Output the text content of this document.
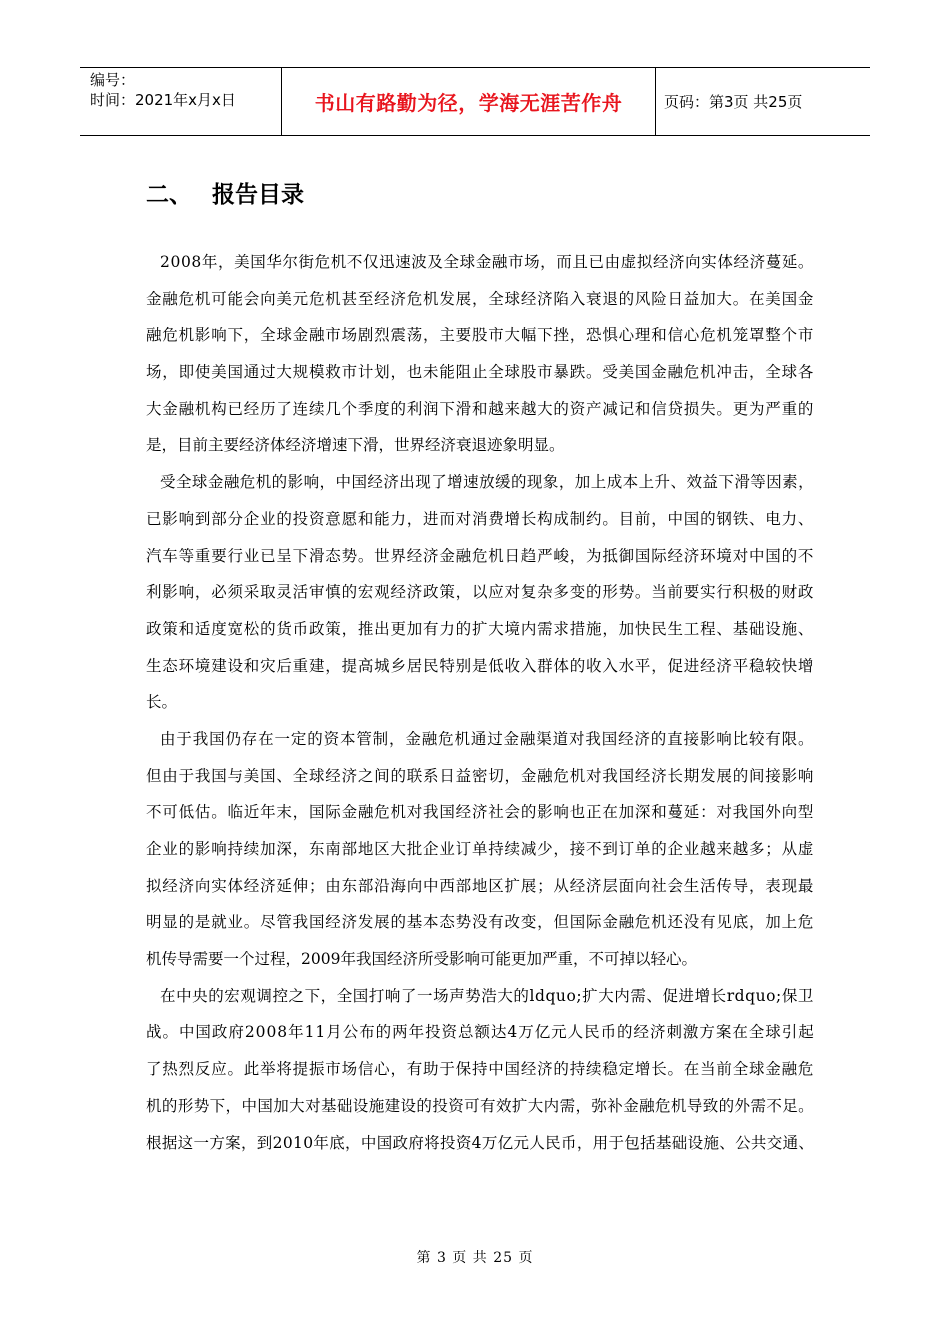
编号：
时间：2021年x月x日	书山有路勤为径，学海无涯苦作舟	页码：第3页 共25页
二、 报告目录
2 0 0 8 年 ， 美 国 华 尔 街 危 机 不 仅 迅 速 波 及 全 球 金 融 市 场 ， 而 且 已 由 虚 拟 经 济 向 实 体 经 济 蔓 延 。
金 融 危 机 可 能 会 向 美 元 危 机 甚 至 经 济 危 机 发 展 ， 全 球 经 济 陷 入 衰 退 的 风 险 日 益 加 大 。 在 美 国 金
融 危 机 影 响 下 ， 全 球 金 融 市 场 剧 烈 震 荡 ， 主 要 股 市 大 幅 下 挫 ， 恐 惧 心 理 和 信 心 危 机 笼 罩 整 个 市
场 ， 即 使 美 国 通 过 大 规 模 救 市 计 划 ， 也 未 能 阻 止 全 球 股 市 暴 跌 。 受 美 国 金 融 危 机 冲 击 ， 全 球 各
大 金 融 机 构 已 经 历 了 连 续 几 个 季 度 的 利 润 下 滑 和 越 来 越 大 的 资 产 减 记 和 信 贷 损 失 。 更 为 严 重 的
是，目前主要经济体经济增速下滑，世界经济衰退迹象明显。
受 全 球 金 融 危 机 的 影 响 ， 中 国 经 济 出 现 了 增 速 放 缓 的 现 象 ， 加 上 成 本 上 升 、 效 益 下 滑 等 因 素 ，
已 影 响 到 部 分 企 业 的 投 资 意 愿 和 能 力 ， 进 而 对 消 费 增 长 构 成 制 约 。 目 前 ， 中 国 的 钢 铁 、 电 力 、
汽 车 等 重 要 行 业 已 呈 下 滑 态 势 。 世 界 经 济 金 融 危 机 日 趋 严 峻 ， 为 抵 御 国 际 经 济 环 境 对 中 国 的 不
利 影 响 ， 必 须 采 取 灵 活 审 慎 的 宏 观 经 济 政 策 ， 以 应 对 复 杂 多 变 的 形 势 。 当 前 要 实 行 积 极 的 财 政
政 策 和 适 度 宽 松 的 货 币 政 策 ， 推 出 更 加 有 力 的 扩 大 境 内 需 求 措 施 ， 加 快 民 生 工 程 、 基 础 设 施 、
生 态 环 境 建 设 和 灾 后 重 建 ， 提 高 城 乡 居 民 特 别 是 低 收 入 群 体 的 收 入 水 平 ， 促 进 经 济 平 稳 较 快 增
长。
由 于 我 国 仍 存 在 一 定 的 资 本 管 制 ， 金 融 危 机 通 过 金 融 渠 道 对 我 国 经 济 的 直 接 影 响 比 较 有 限 。
但 由 于 我 国 与 美 国 、 全 球 经 济 之 间 的 联 系 日 益 密 切 ， 金 融 危 机 对 我 国 经 济 长 期 发 展 的 间 接 影 响
不 可 低 估 。 临 近 年 末 ， 国 际 金 融 危 机 对 我 国 经 济 社 会 的 影 响 也 正 在 加 深 和 蔓 延 ： 对 我 国 外 向 型
企 业 的 影 响 持 续 加 深 ， 东 南 部 地 区 大 批 企 业 订 单 持 续 减 少 ， 接 不 到 订 单 的 企 业 越 来 越 多 ； 从 虚
拟 经 济 向 实 体 经 济 延 伸 ； 由 东 部 沿 海 向 中 西 部 地 区 扩 展 ； 从 经 济 层 面 向 社 会 生 活 传 导 ， 表 现 最
明 显 的 是 就 业 。 尽 管 我 国 经 济 发 展 的 基 本 态 势 没 有 改 变 ， 但 国 际 金 融 危 机 还 没 有 见 底 ， 加 上 危
机传导需要一个过程，2009年我国经济所受影响可能更加严重，不可掉以轻心。
在 中 央 的 宏 观 调 控 之 下 ， 全 国 打 响 了 一 场 声 势 浩 大 的 l d q u o ; 扩 大 内 需 、 促 进 增 长 r d q u o ; 保 卫
战 。 中 国 政 府 2 0 0 8 年 1 1 月 公 布 的 两 年 投 资 总 额 达 4 万 亿 元 人 民 币 的 经 济 刺 激 方 案 在 全 球 引 起
了 热 烈 反 应 。 此 举 将 提 振 市 场 信 心 ， 有 助 于 保 持 中 国 经 济 的 持 续 稳 定 增 长 。 在 当 前 全 球 金 融 危
机 的 形 势 下 ， 中 国 加 大 对 基 础 设 施 建 设 的 投 资 可 有 效 扩 大 内 需 ， 弥 补 金 融 危 机 导 致 的 外 需 不 足 。
根 据 这 一 方 案 ， 到 2 0 1 0 年 底 ， 中 国 政 府 将 投 资 4 万 亿 元 人 民 币 ， 用 于 包 括 基 础 设 施 、 公 共 交 通 、
第 3 页 共 25 页
